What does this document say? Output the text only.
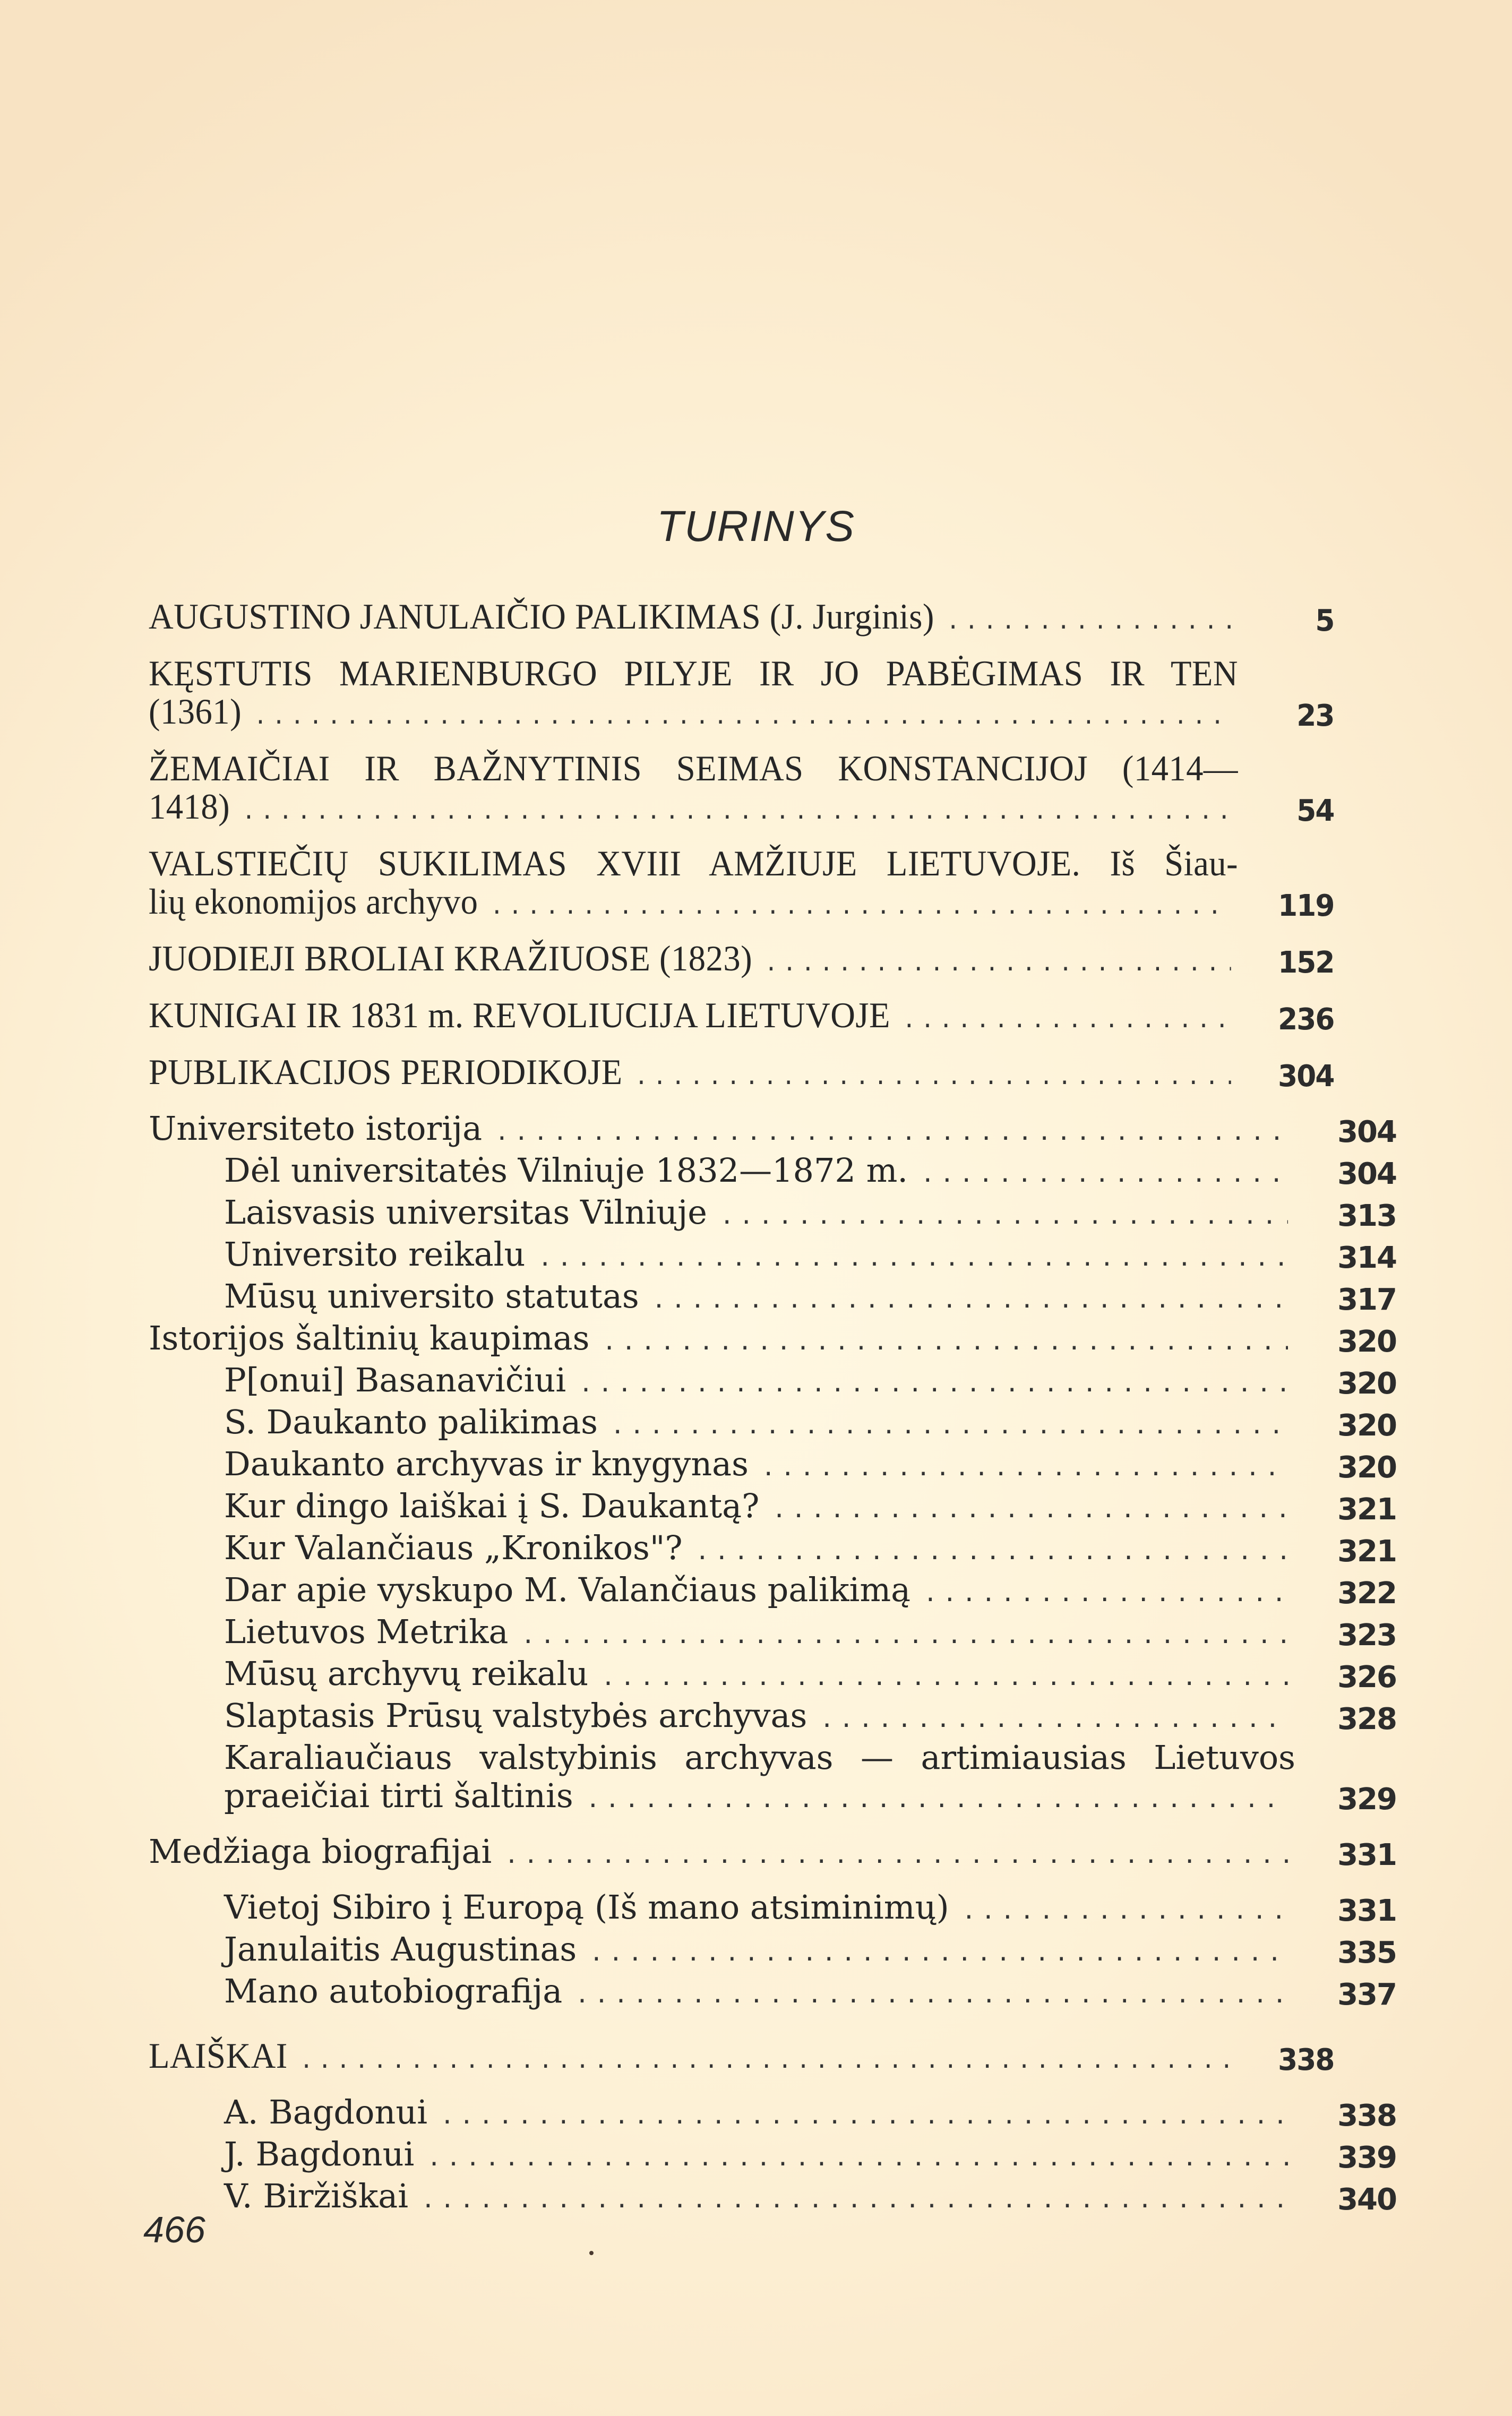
TURINYS
AUGUSTINO JANULAIČIO PALIKIMAS (J. Jurginis) .....	5
KĘSTUTIS MARIENBURGO PILYJE IR JO PABĖGIMAS IR TEN
(1361) .....	23
ŽEMAIČIAI IR BAŽNYTINIS SEIMAS KONSTANCIJOJ (1414—
1418) .....	54
VALSTIEČIŲ SUKILIMAS XVIII AMŽIUJE LIETUVOJE. Iš Šiau-
lių ekonomijos archyvo .....	119
JUODIEJI BROLIAI KRAŽIUOSE (1823) .....	152
KUNIGAI IR 1831 m. REVOLIUCIJA LIETUVOJE .....	236
PUBLIKACIJOS PERIODIKOJE .....	304
Universiteto istorija .....	304
Dėl universitatės Vilniuje 1832—1872 m. .....	304
Laisvasis universitas Vilniuje .....	313
Universito reikalu .....	314
Mūsų universito statutas .....	317
Istorijos šaltinių kaupimas .....	320
P[onui] Basanavičiui .....	320
S. Daukanto palikimas .....	320
Daukanto archyvas ir knygynas .....	320
Kur dingo laiškai į S. Daukantą? .....	321
Kur Valančiaus „Kronikos"? .....	321
Dar apie vyskupo M. Valančiaus palikimą .....	322
Lietuvos Metrika .....	323
Mūsų archyvų reikalu .....	326
Slaptasis Prūsų valstybės archyvas .....	328
Karaliaučiaus valstybinis archyvas — artimiausias Lietuvos
praeičiai tirti šaltinis .....	329
Medžiaga biografijai .....	331
Vietoj Sibiro į Europą (Iš mano atsiminimų) .....	331
Janulaitis Augustinas .....	335
Mano autobiografija .....	337
LAIŠKAI .....	338
A. Bagdonui .....	338
J. Bagdonui .....	339
V. Biržiškai .....	340
466
